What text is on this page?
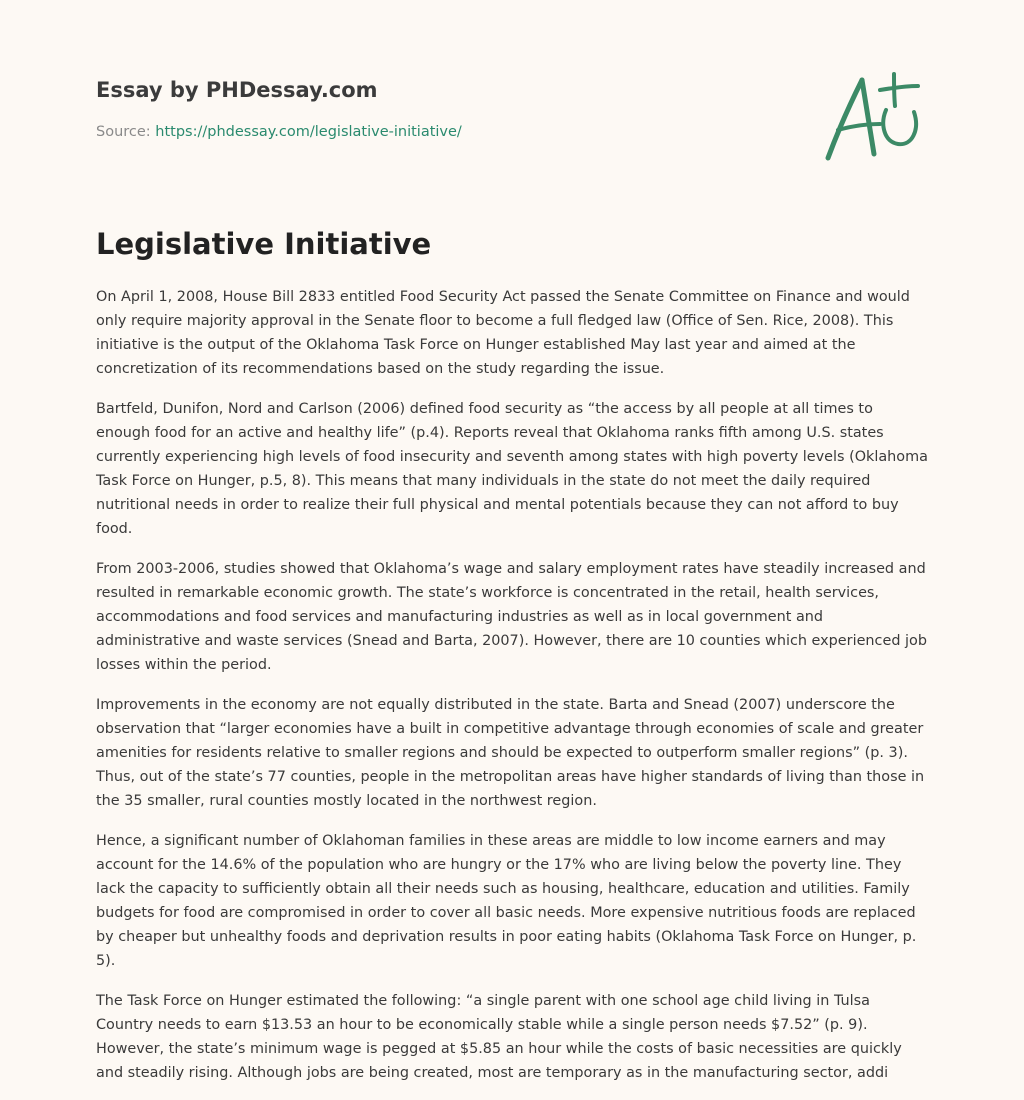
Essay by PHDessay.com
Source: https://phdessay.com/legislative-initiative/
Legislative Initiative

On April 1, 2008, House Bill 2833 entitled Food Security Act passed the Senate Committee on Finance and would only require majority approval in the Senate floor to become a full fledged law (Office of Sen. Rice, 2008). This initiative is the output of the Oklahoma Task Force on Hunger established May last year and aimed at the concretization of its recommendations based on the study regarding the issue.

Bartfeld, Dunifon, Nord and Carlson (2006) defined food security as “the access by all people at all times to enough food for an active and healthy life” (p.4). Reports reveal that Oklahoma ranks fifth among U.S. states currently experiencing high levels of food insecurity and seventh among states with high poverty levels (Oklahoma Task Force on Hunger, p.5, 8). This means that many individuals in the state do not meet the daily required nutritional needs in order to realize their full physical and mental potentials because they can not afford to buy food.

From 2003-2006, studies showed that Oklahoma’s wage and salary employment rates have steadily increased and resulted in remarkable economic growth. The state’s workforce is concentrated in the retail, health services, accommodations and food services and manufacturing industries as well as in local government and administrative and waste services (Snead and Barta, 2007). However, there are 10 counties which experienced job losses within the period.

Improvements in the economy are not equally distributed in the state. Barta and Snead (2007) underscore the observation that “larger economies have a built in competitive advantage through economies of scale and greater amenities for residents relative to smaller regions and should be expected to outperform smaller regions” (p. 3). Thus, out of the state’s 77 counties, people in the metropolitan areas have higher standards of living than those in the 35 smaller, rural counties mostly located in the northwest region.

Hence, a significant number of Oklahoman families in these areas are middle to low income earners and may account for the 14.6% of the population who are hungry or the 17% who are living below the poverty line. They lack the capacity to sufficiently obtain all their needs such as housing, healthcare, education and utilities. Family budgets for food are compromised in order to cover all basic needs. More expensive nutritious foods are replaced by cheaper but unhealthy foods and deprivation results in poor eating habits (Oklahoma Task Force on Hunger, p. 5).

The Task Force on Hunger estimated the following: “a single parent with one school age child living in Tulsa Country needs to earn $13.53 an hour to be economically stable while a single person needs $7.52” (p. 9). However, the state’s minimum wage is pegged at $5.85 an hour while the costs of basic necessities are quickly and steadily rising. Although jobs are being created, most are temporary as in the manufacturing sector, addi
